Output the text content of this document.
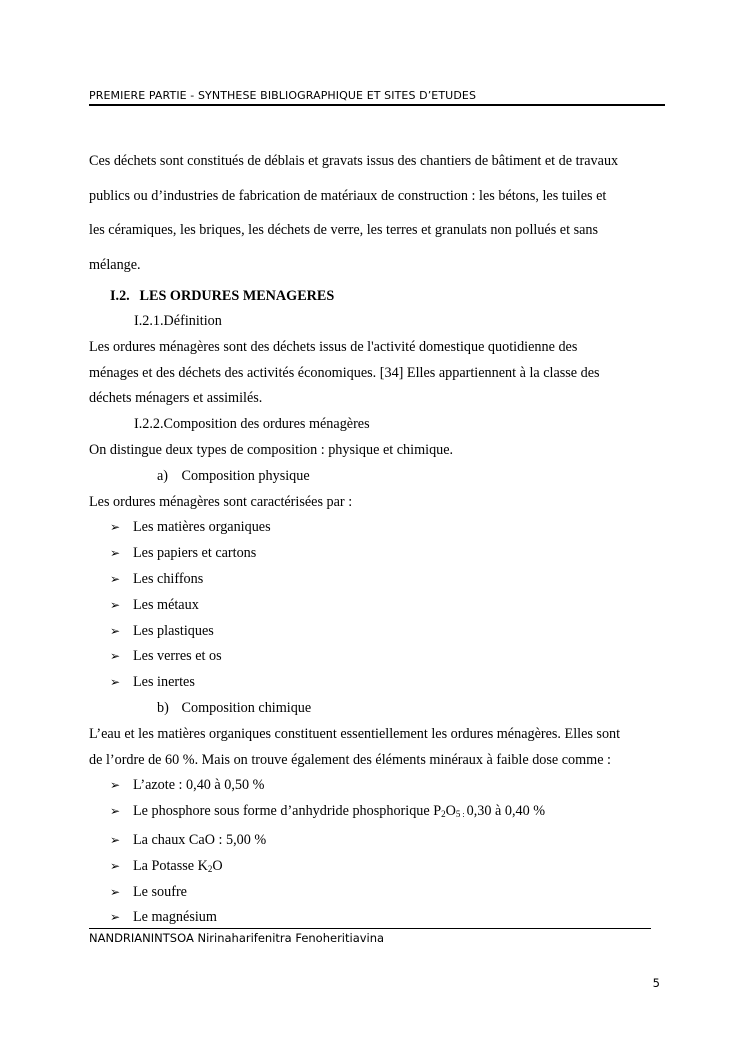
PREMIERE PARTIE - SYNTHESE BIBLIOGRAPHIQUE ET SITES D’ETUDES

Ces déchets sont constitués de déblais et gravats issus des chantiers de bâtiment et de travaux

publics ou d’industries de fabrication de matériaux de construction : les bétons, les tuiles et

les céramiques, les briques, les déchets de verre, les terres et granulats non pollués et sans

mélange.

I.2. LES ORDURES MENAGERES
I.2.1.Définition

Les ordures ménagères sont des déchets issus de l'activité domestique quotidienne des

ménages et des déchets des activités économiques. [34] Elles appartiennent à la classe des

déchets ménagers et assimilés.

I.2.2.Composition des ordures ménagères

On distingue deux types de composition : physique et chimique.

a) Composition physique

Les ordures ménagères sont caractérisées par :

➢ Les matières organiques
➢ Les papiers et cartons
➢ Les chiffons
➢ Les métaux
➢ Les plastiques
➢ Les verres et os
➢ Les inertes
b) Composition chimique

L’eau et les matières organiques constituent essentiellement les ordures ménagères. Elles sont

de l’ordre de 60 %. Mais on trouve également des éléments minéraux à faible dose comme :

➢ L’azote : 0,40 à 0,50 %
➢ Le phosphore sous forme d’anhydride phosphorique $P_2O_5$ : 0,30 à 0,40 %
➢ La chaux CaO : 5,00 %
➢ La Potasse $K_2O$
➢ Le soufre
➢ Le magnésium
NANDRIANINTSOA Nirinaharifenitra Fenoheritiavina
5
